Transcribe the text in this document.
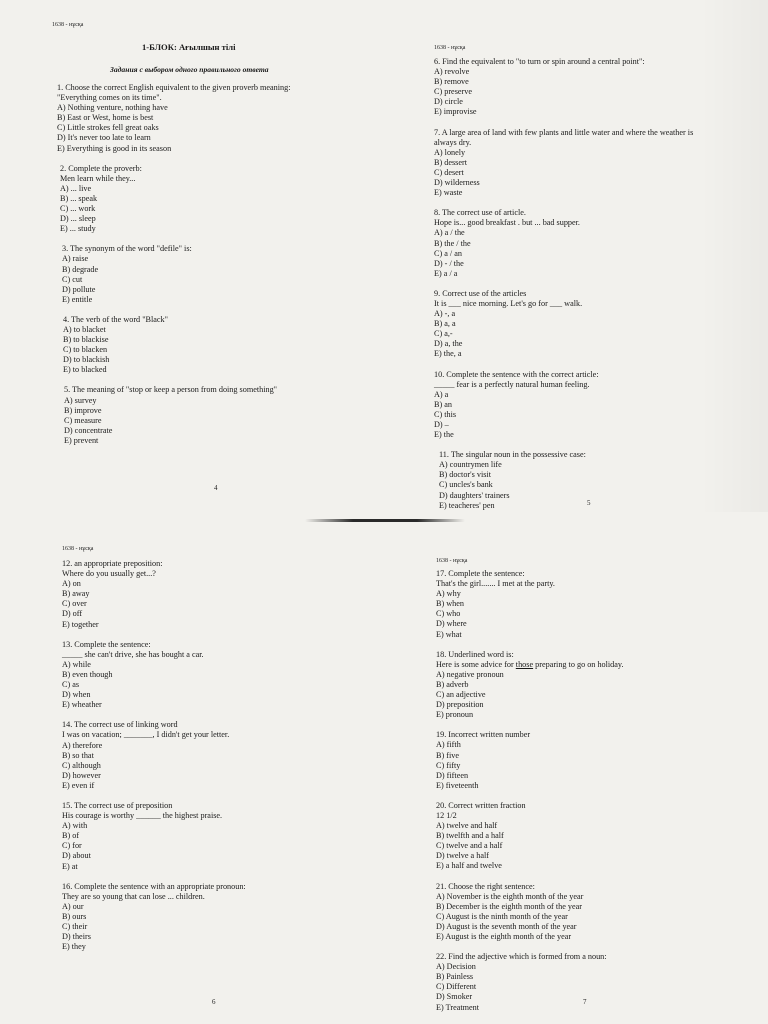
1638 - нұсқа
1-БЛОК: Ағылшын тілі
Задания с выбором одного правильного ответа
1. Choose the correct English equivalent to the given proverb meaning:
"Everything comes on its time".
A) Nothing venture, nothing have
B) East or West, home is best
C) Little strokes fell great oaks
D) It's never too late to learn
E) Everything is good in its season
2. Complete the proverb:
Men learn while they...
A) ... live
B) ... speak
C) ... work
D) ... sleep
E) ... study
3. The synonym of the word "defile" is:
A) raise
B) degrade
C) cut
D) pollute
E) entitle
4. The verb of the word "Black"
A) to blacket
B) to blackise
C) to blacken
D) to blackish
E) to blacked
5. The meaning of "stop or keep a person from doing something"
A) survey
B) improve
C) measure
D) concentrate
E) prevent
4
1638 - нұсқа
6. Find the equivalent to "to turn or spin around a central point":
A) revolve
B) remove
C) preserve
D) circle
E) improvise
7. A large area of land with few plants and little water and where the weather is
always dry.
A) lonely
B) dessert
C) desert
D) wilderness
E) waste
8. The correct use of article.
Hope is... good breakfast . but ... bad supper.
A) a / the
B) the / the
C) a / an
D) - / the
E) a / a
9. Correct use of the articles
It is ___ nice morning. Let's go for ___ walk.
A) -, a
B) a, a
C) a,-
D) a, the
E) the, a
10. Complete the sentence with the correct article:
_____ fear is a perfectly natural human feeling.
A) a
B) an
C) this
D) –
E) the
11. The singular noun in the possessive case:
A) countrymen life
B) doctor's visit
C) uncles's bank
D) daughters' trainers
E) teacheres' pen	5
1638 - нұсқа
12. an appropriate preposition:
Where do you usually get...?
A) on
B) away
C) over
D) off
E) together
13. Complete the sentence:
_____ she can't drive, she has bought a car.
A) while
B) even though
C) as
D) when
E) wheather
14. The correct use of linking word
I was on vacation; _______, I didn't get your letter.
A) therefore
B) so that
C) although
D) however
E) even if
15. The correct use of preposition
His courage is worthy ______ the highest praise.
A) with
B) of
C) for
D) about
E) at
16. Complete the sentence with an appropriate pronoun:
They are so young that can lose ... children.
A) our
B) ours
C) their
D) theirs
E) they
6
1638 - нұсқа
17. Complete the sentence:
That's the girl....... I met at the party.
A) why
B) when
C) who
D) where
E) what
18. Underlined word is:
Here is some advice for those preparing to go on holiday.
A) negative pronoun
B) adverb
C) an adjective
D) preposition
E) pronoun
19. Incorrect written number
A) fifth
B) five
C) fifty
D) fifteen
E) fiveteenth
20. Correct written fraction
12 1/2
A) twelve and half
B) twelfth and a half
C) twelve and a half
D) twelve a half
E) a half and twelve
21. Choose the right sentence:
A) November is the eighth month of the year
B) December is the eighth month of the year
C) August is the ninth month of the year
D) August is the seventh month of the year
E) August is the eighth month of the year
22. Find the adjective which is formed from a noun:
A) Decision
B) Painless
C) Different
D) Smoker
E) Treatment
7
